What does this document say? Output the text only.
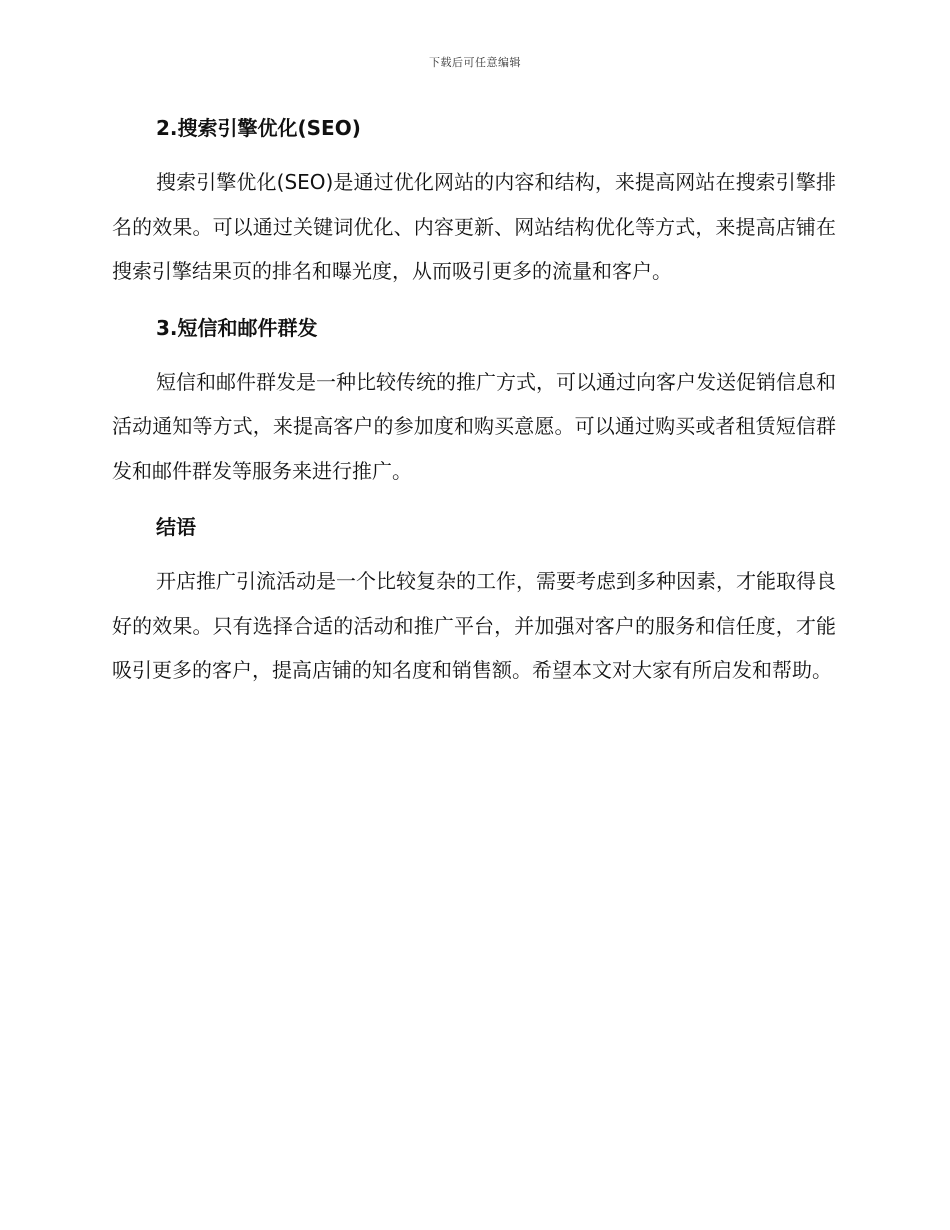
下载后可任意编辑
2.搜索引擎优化(SEO)

搜索引擎优化(SEO)是通过优化网站的内容和结构，来提高网站在搜索引擎排名的效果。可以通过关键词优化、内容更新、网站结构优化等方式，来提高店铺在搜索引擎结果页的排名和曝光度，从而吸引更多的流量和客户。

3.短信和邮件群发

短信和邮件群发是一种比较传统的推广方式，可以通过向客户发送促销信息和活动通知等方式，来提高客户的参加度和购买意愿。可以通过购买或者租赁短信群发和邮件群发等服务来进行推广。

结语

开店推广引流活动是一个比较复杂的工作，需要考虑到多种因素，才能取得良好的效果。只有选择合适的活动和推广平台，并加强对客户的服务和信任度，才能吸引更多的客户，提高店铺的知名度和销售额。希望本文对大家有所启发和帮助。
